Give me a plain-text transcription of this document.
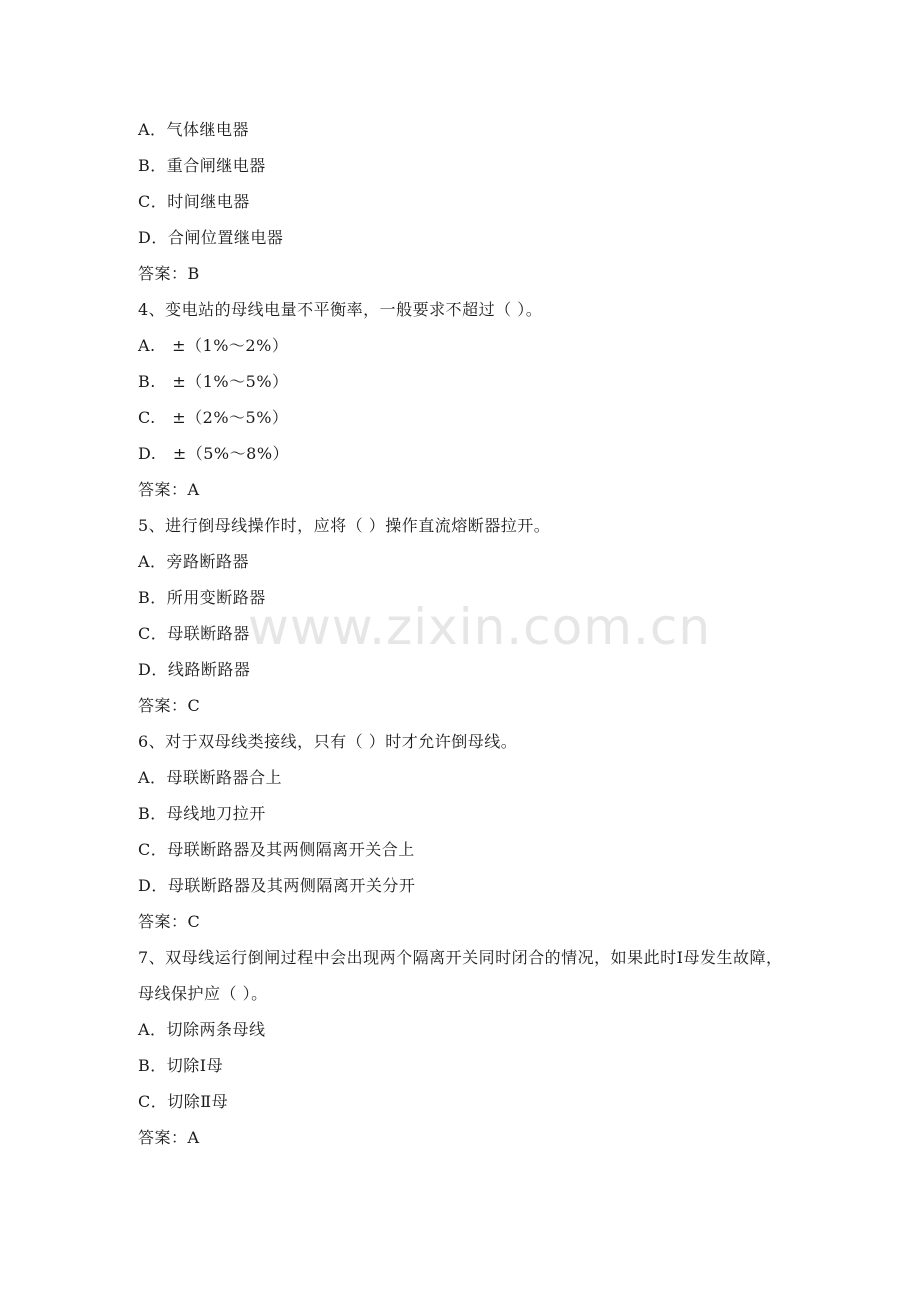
www.zixin.com.cn
A．气体继电器
B．重合闸继电器
C．时间继电器
D．合闸位置继电器
答案：B
4、变电站的母线电量不平衡率，一般要求不超过（ ）。
A.　±（1%～2%）
B.　±（1%～5%）
C.　±（2%～5%）
D.　±（5%～8%）
答案：A
5、进行倒母线操作时，应将（ ）操作直流熔断器拉开。
A．旁路断路器
B．所用变断路器
C．母联断路器
D．线路断路器
答案：C
6、对于双母线类接线，只有（ ）时才允许倒母线。
A．母联断路器合上
B．母线地刀拉开
C．母联断路器及其两侧隔离开关合上
D．母联断路器及其两侧隔离开关分开
答案：C
7、双母线运行倒闸过程中会出现两个隔离开关同时闭合的情况，如果此时Ⅰ母发生故障，母线保护应（ ）。
A．切除两条母线
B．切除Ⅰ母
C．切除Ⅱ母
答案：A
